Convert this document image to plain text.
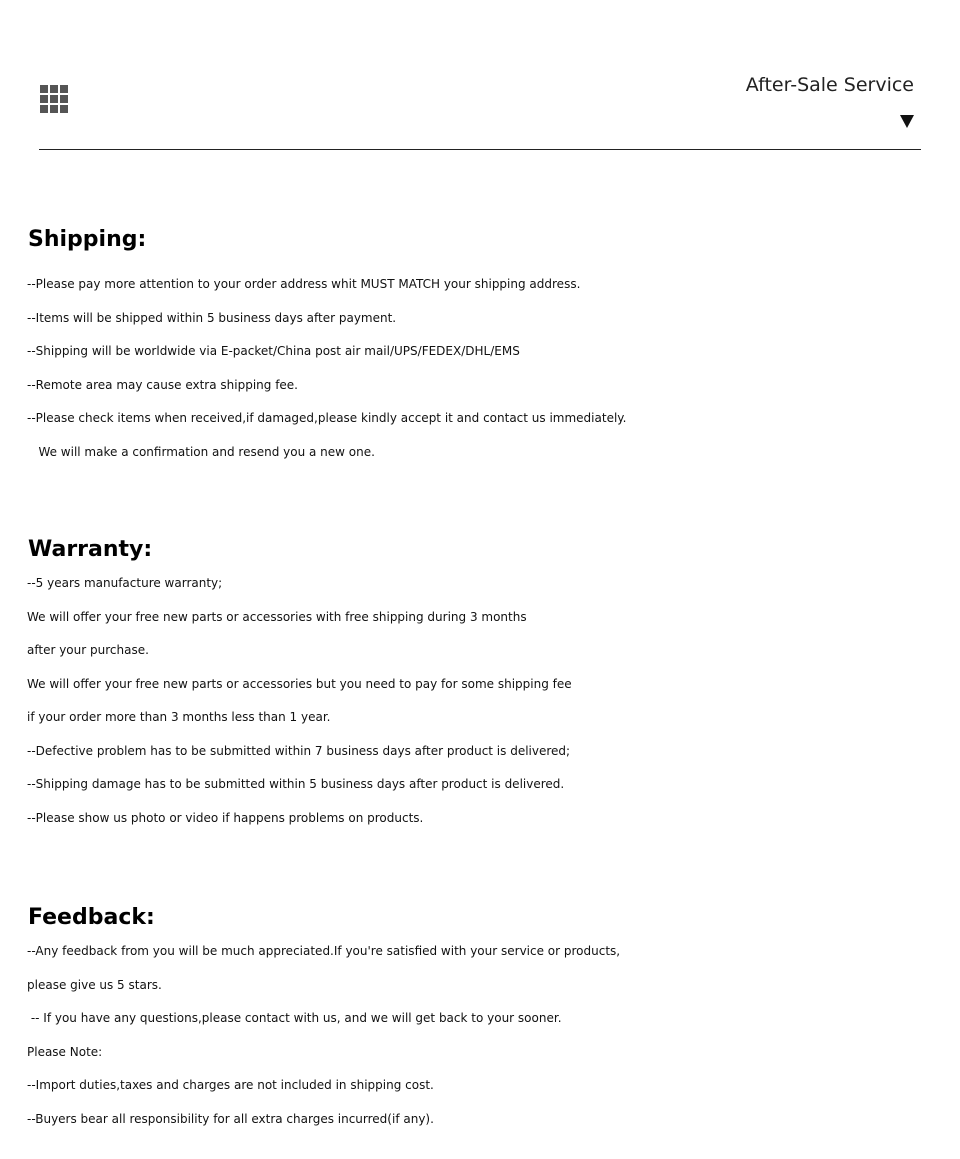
After-Sale Service
Shipping:
--Please pay more attention to your order address whit MUST MATCH your shipping address.
--Items will be shipped within 5 business days after payment.
--Shipping will be worldwide via E-packet/China post air mail/UPS/FEDEX/DHL/EMS
--Remote area may cause extra shipping fee.
--Please check items when received,if damaged,please kindly accept it and contact us immediately.
We will make a confirmation and resend you a new one.
Warranty:
--5 years manufacture warranty;
We will offer your free new parts or accessories with free shipping during 3 months
after your purchase.
We will offer your free new parts or accessories but you need to pay for some shipping fee
if your order more than 3 months less than 1 year.
--Defective problem has to be submitted within 7 business days after product is delivered;
--Shipping damage has to be submitted within 5 business days after product is delivered.
--Please show us photo or video if happens problems on products.
Feedback:
--Any feedback from you will be much appreciated.If you're satisfied with your service or products,
please give us 5 stars.
-- If you have any questions,please contact with us, and we will get back to your sooner.
Please Note:
--Import duties,taxes and charges are not included in shipping cost.
--Buyers bear all responsibility for all extra charges incurred(if any).
